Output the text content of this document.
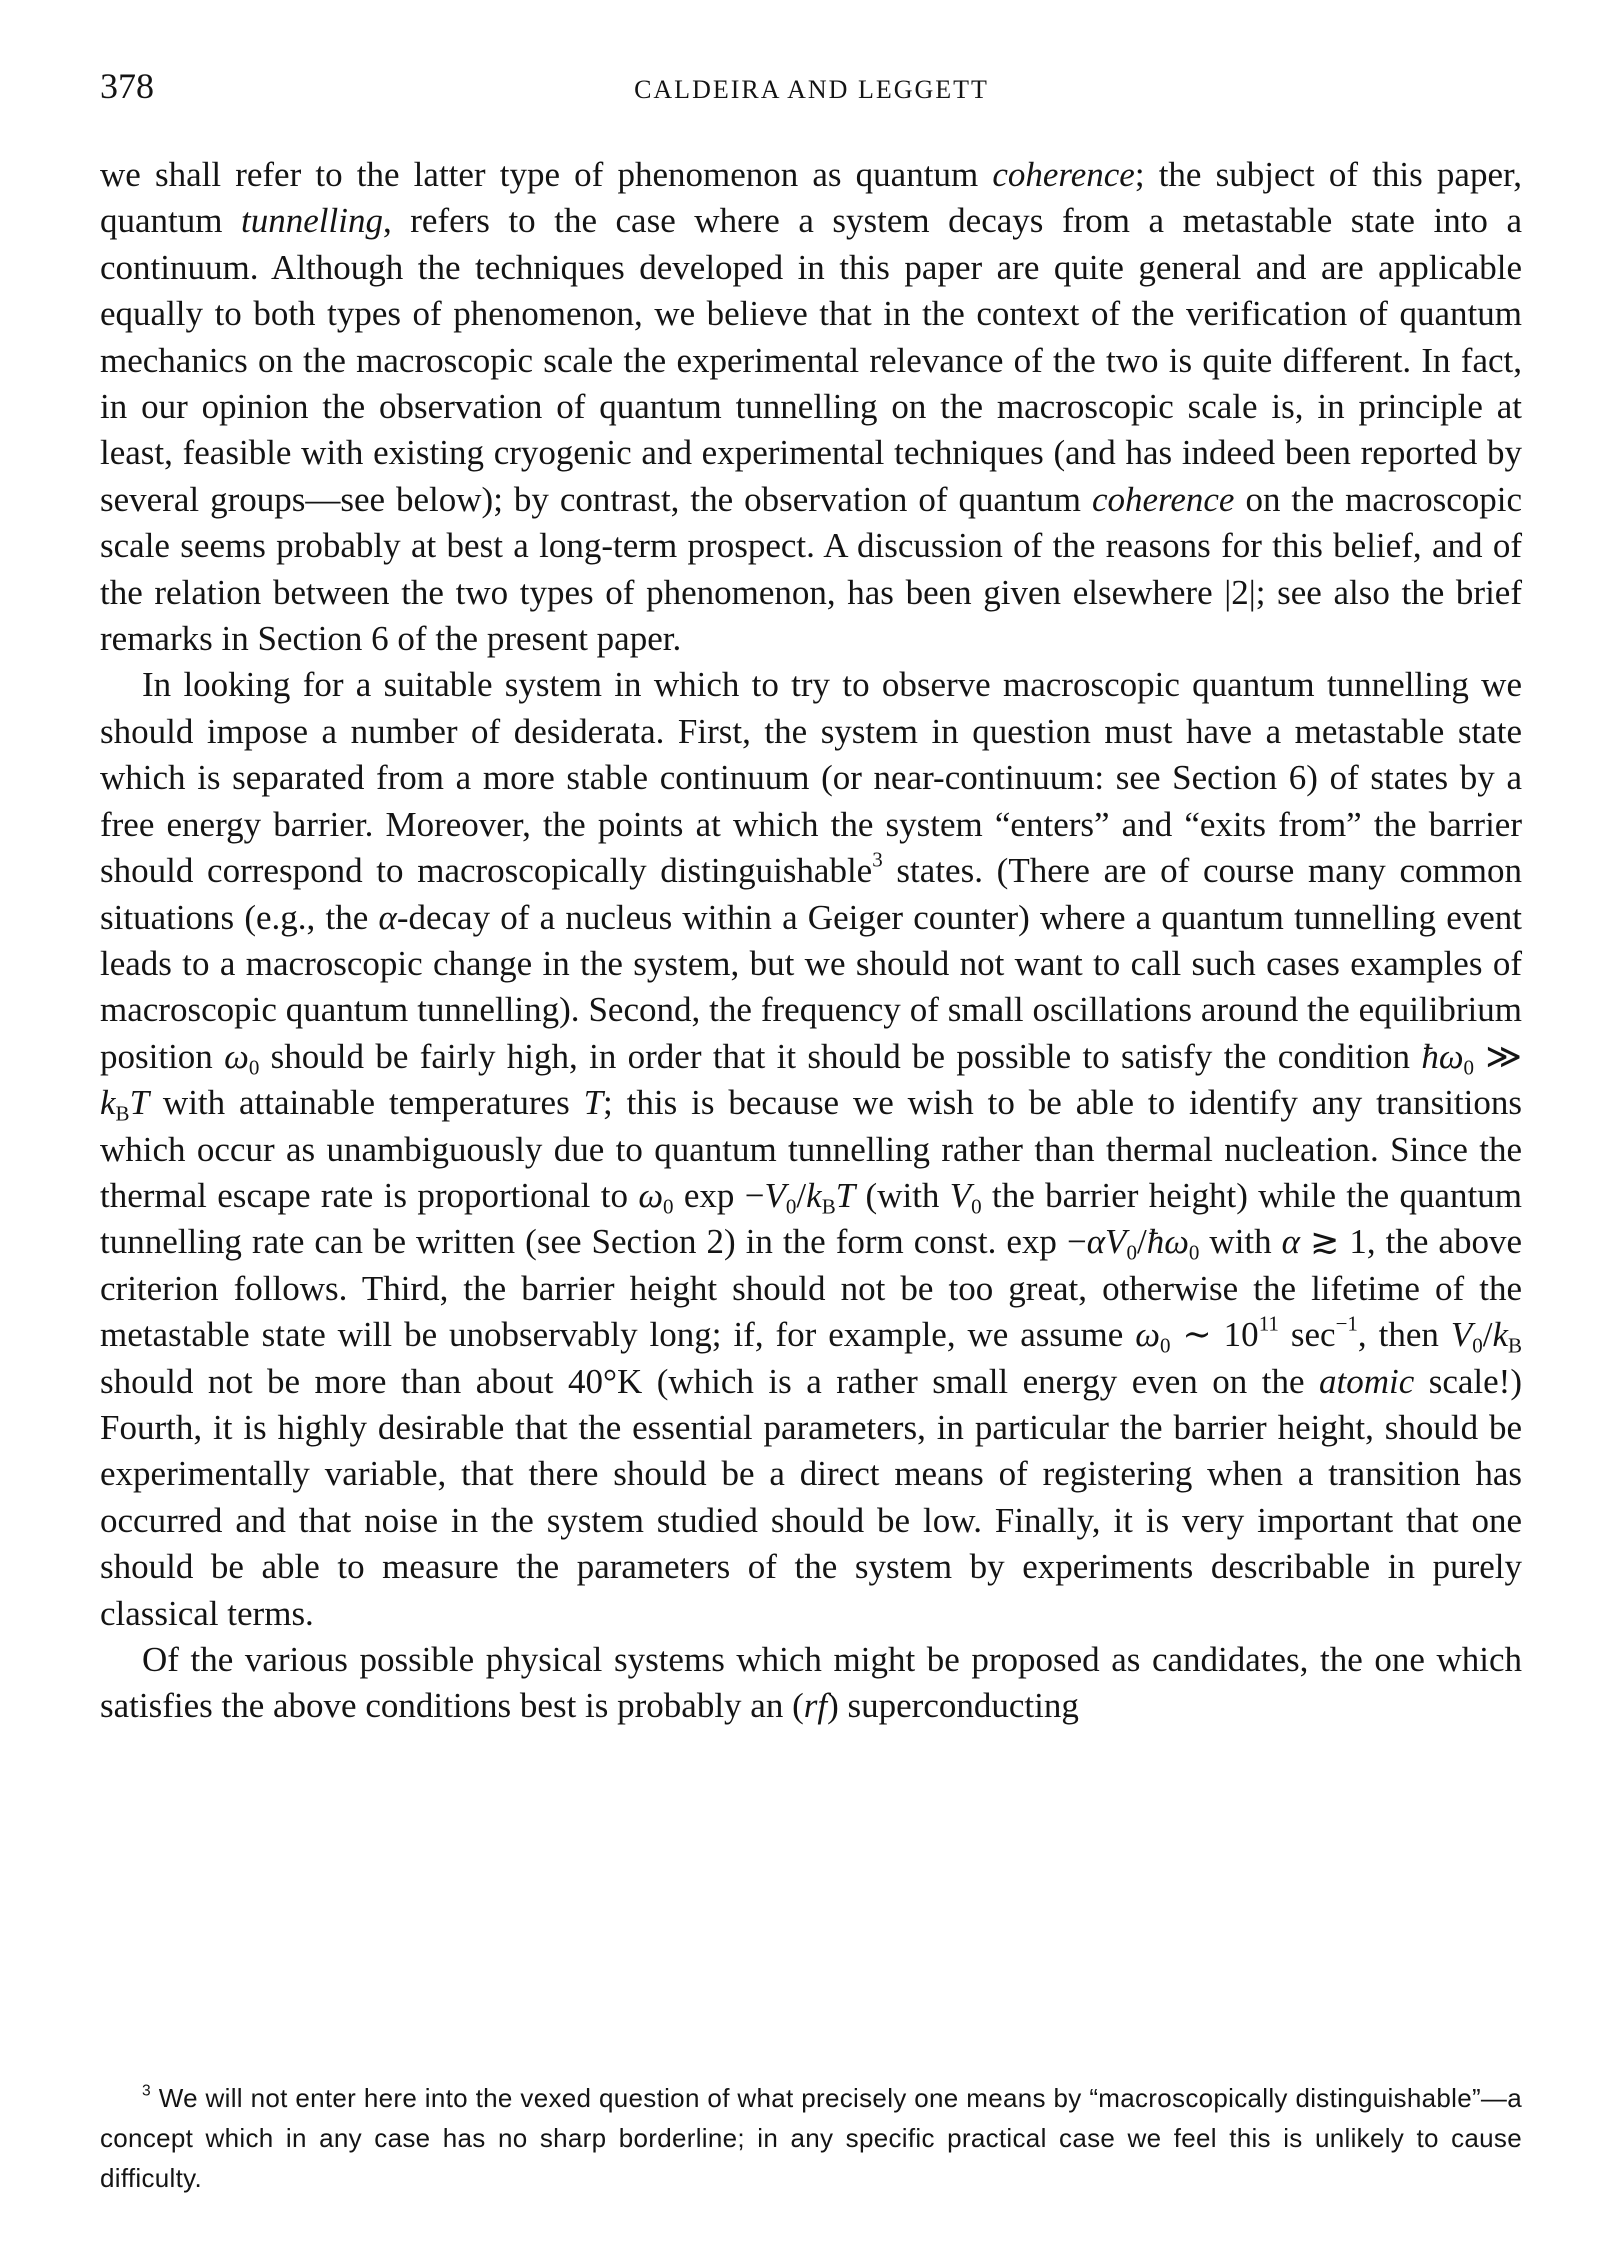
378	CALDEIRA AND LEGGETT

we shall refer to the latter type of phenomenon as quantum coherence; the subject of this paper, quantum tunnelling, refers to the case where a system decays from a metastable state into a continuum. Although the techniques developed in this paper are quite general and are applicable equally to both types of phenomenon, we believe that in the context of the verification of quantum mechanics on the macroscopic scale the experimental relevance of the two is quite different. In fact, in our opinion the observation of quantum tunnelling on the macroscopic scale is, in principle at least, feasible with existing cryogenic and experimental techniques (and has indeed been reported by several groups—see below); by contrast, the observation of quantum coherence on the macroscopic scale seems probably at best a long-term prospect. A discussion of the reasons for this belief, and of the relation between the two types of phenomenon, has been given elsewhere |2|; see also the brief remarks in Section 6 of the present paper.

In looking for a suitable system in which to try to observe macroscopic quantum tunnelling we should impose a number of desiderata. First, the system in question must have a metastable state which is separated from a more stable continuum (or near-continuum: see Section 6) of states by a free energy barrier. Moreover, the points at which the system “enters” and “exits from” the barrier should correspond to macroscopically distinguishable$^3$ states. (There are of course many common situations (e.g., the α-decay of a nucleus within a Geiger counter) where a quantum tunnelling event leads to a macroscopic change in the system, but we should not want to call such cases examples of macroscopic quantum tunnelling). Second, the frequency of small oscillations around the equilibrium position $\omega_0$ should be fairly high, in order that it should be possible to satisfy the condition $ħ\omega_0$ ≫ $k_BT$ with attainable temperatures T; this is because we wish to be able to identify any transitions which occur as unambiguously due to quantum tunnelling rather than thermal nucleation. Since the thermal escape rate is proportional to $\omega_0$ $\exp -V_0/k_BT$ (with $V_0$ the barrier height) while the quantum tunnelling rate can be written (see Section 2) in the form const. $\exp -\alpha V_0/ħ\omega_0$ with α ≳ 1, the above criterion follows. Third, the barrier height should not be too great, otherwise the lifetime of the metastable state will be unobservably long; if, for example, we assume $\omega_0$ ∼ $10^{11}$ $\sec^{-1}$, then $V_0/k_B$ should not be more than about 40°K (which is a rather small energy even on the atomic scale!) Fourth, it is highly desirable that the essential parameters, in particular the barrier height, should be experimentally variable, that there should be a direct means of registering when a transition has occurred and that noise in the system studied should be low. Finally, it is very important that one should be able to measure the parameters of the system by experiments describable in purely classical terms.

Of the various possible physical systems which might be proposed as candidates, the one which satisfies the above conditions best is probably an (rf) superconducting

$^3$ We will not enter here into the vexed question of what precisely one means by “macroscopically distinguishable”—a concept which in any case has no sharp borderline; in any specific practical case we feel this is unlikely to cause difficulty.
